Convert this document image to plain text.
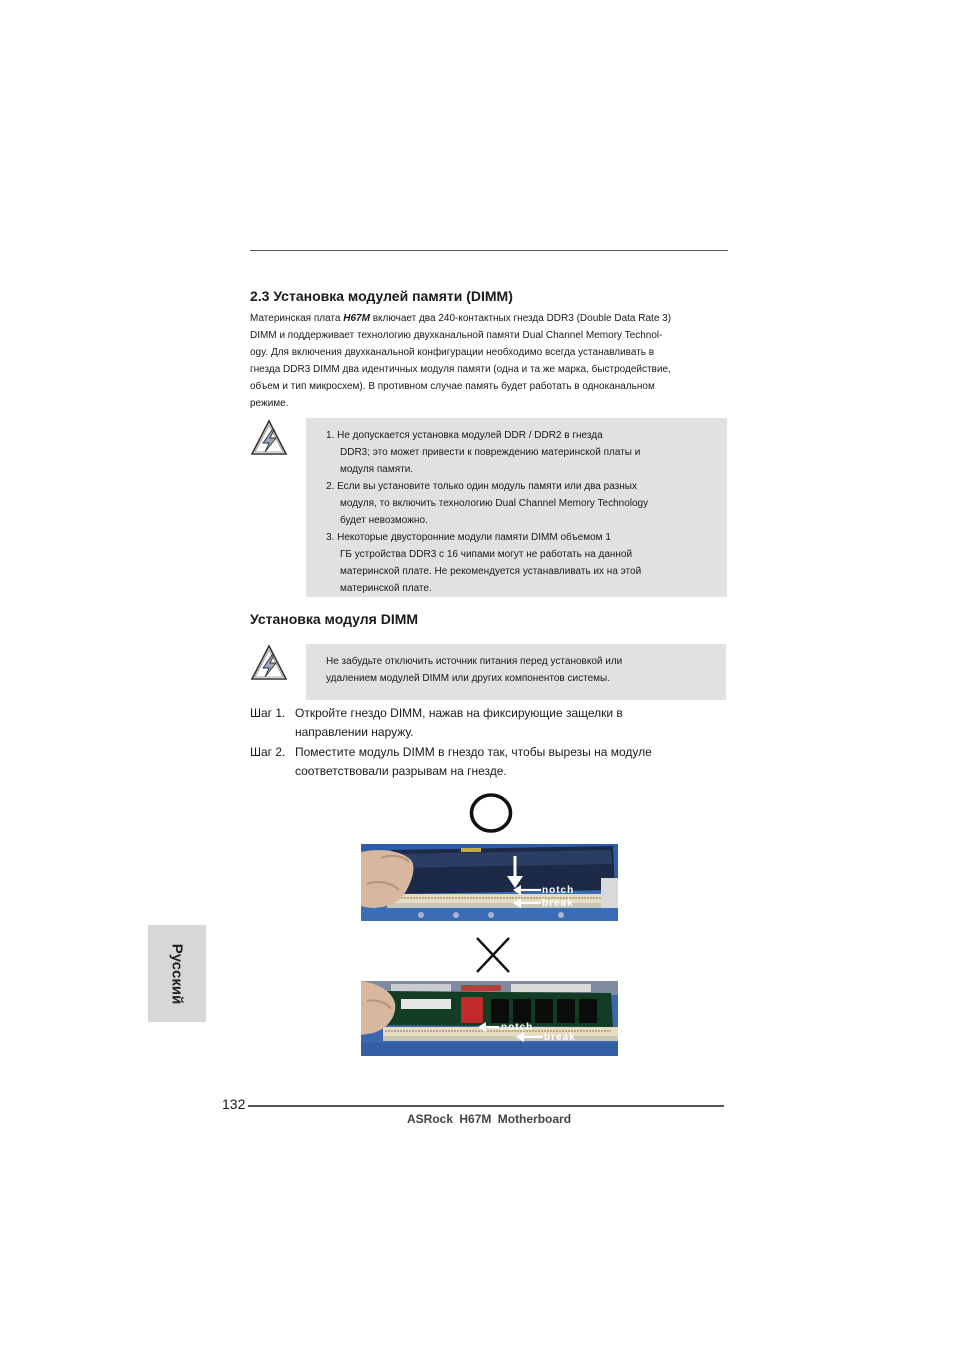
2.3 Установка модулей памяти (DIMM)

Материнская плата H67M включает два 240-контактных гнезда DDR3 (Double Data Rate 3)

DIMM и поддерживает технологию двухканальной памяти Dual Channel Memory Technol-

ogy. Для включения двухканальной конфигурации необходимо всегда устанавливать в

гнезда DDR3 DIMM два идентичных модуля памяти (одна и та же марка, быстродействие,

объем и тип микросхем). В противном случае память будет работать в одноканальном

режиме.

1. Не допускается установка модулей DDR / DDR2 в гнезда
DDR3; это может привести к повреждению материнской платы и
модуля памяти.
2. Если вы установите только один модуль памяти или два разных
модуля, то включить технологию Dual Channel Memory Technology
будет невозможно.
3. Некоторые двусторонние модули памяти DIMM объемом 1
ГБ устройства DDR3 с 16 чипами могут не работать на данной
материнской плате. Не рекомендуется устанавливать их на этой
материнской плате.
Установка модуля DIMM

Не забудьте отключить источник питания перед установкой или
удалением модулей DIMM или других компонентов системы.

Шаг 1. Откройте гнездо DIMM, нажав на фиксирующие защелки в
направлении наружу.
Шаг 2. Поместите модуль DIMM в гнездо так, чтобы вырезы на модуле
соответствовали разрывам на гнезде.
notch
break
notch
break
Русский
132
ASRock H67M Motherboard
